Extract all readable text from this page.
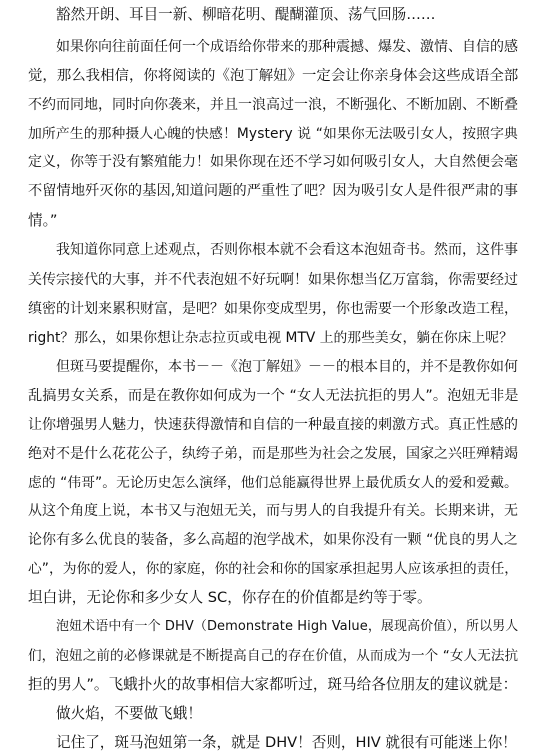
豁然开朗、耳目一新、柳暗花明、醍醐灌顶、荡气回肠……
如果你向往前面任何一个成语给你带来的那种震撼、爆发、激情、自信的感
觉，那么我相信，你将阅读的《泡丁解妞》一定会让你亲身体会这些成语全部
不约而同地，同时向你袭来，并且一浪高过一浪，不断强化、不断加剧、不断叠
加所产生的那种摄人心魄的快感！Mystery 说 “如果你无法吸引女人，按照字典
定义，你等于没有繁殖能力！如果你现在还不学习如何吸引女人，大自然便会毫
不留情地歼灭你的基因,知道问题的严重性了吧？因为吸引女人是件很严肃的事
情。”
我知道你同意上述观点，否则你根本就不会看这本泡妞奇书。然而，这件事
关传宗接代的大事，并不代表泡妞不好玩啊！如果你想当亿万富翁，你需要经过
缜密的计划来累积财富，是吧？如果你变成型男，你也需要一个形象改造工程，
right？那么，如果你想让杂志拉页或电视 MTV 上的那些美女，躺在你床上呢？
但斑马要提醒你，本书－－《泡丁解妞》－－的根本目的，并不是教你如何
乱搞男女关系，而是在教你如何成为一个 “女人无法抗拒的男人”。泡妞无非是
让你增强男人魅力，快速获得激情和自信的一种最直接的刺激方式。真正性感的
绝对不是什么花花公子，纨绔子弟，而是那些为社会之发展，国家之兴旺殚精竭
虑的 “伟哥”。无论历史怎么演绎，他们总能赢得世界上最优质女人的爱和爱戴。
从这个角度上说，本书又与泡妞无关，而与男人的自我提升有关。长期来讲，无
论你有多么优良的装备，多么高超的泡学战术，如果你没有一颗 “优良的男人之
心”，为你的爱人，你的家庭，你的社会和你的国家承担起男人应该承担的责任，
坦白讲，无论你和多少女人 SC，你存在的价值都是约等于零。
泡妞术语中有一个 DHV（Demonstrate High Value，展现高价值），所以男人
们，泡妞之前的必修课就是不断提高自己的存在价值，从而成为一个 “女人无法抗
拒的男人”。飞蛾扑火的故事相信大家都听过，斑马给各位朋友的建议就是：
做火焰，不要做飞蛾！
记住了，斑马泡妞第一条，就是 DHV！否则，HIV 就很有可能迷上你！
